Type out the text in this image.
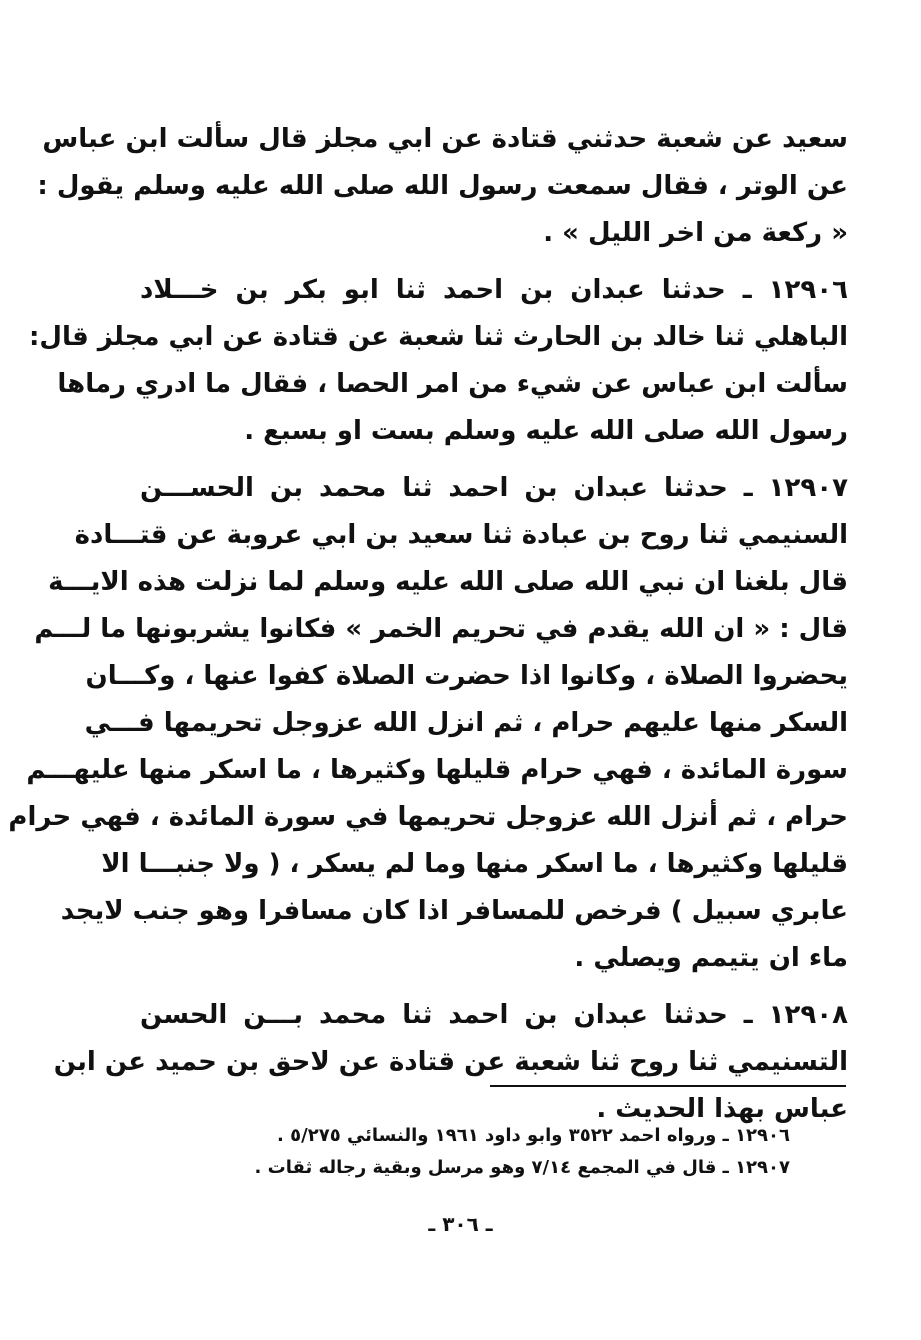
سعيد عن شعبة حدثني قتادة عن ابي مجلز قال سألت ابن عباس
عن الوتر ، فقال سمعت رسول الله صلى الله عليه وسلم يقول :
« ركعة من اخر الليل » .
١٢٩٠٦ ـ حدثنا عبدان بن احمد ثنا ابو بكر بن خـــلاد
الباهلي ثنا خالد بن الحارث ثنا شعبة عن قتادة عن ابي مجلز قال:
سألت ابن عباس عن شيء من امر الحصا ، فقال ما ادري رماها
رسول الله صلى الله عليه وسلم بست او بسبع .
١٢٩٠٧ ـ حدثنا عبدان بن احمد ثنا محمد بن الحســـن
السنيمي ثنا روح بن عبادة ثنا سعيد بن ابي عروبة عن قتـــادة
قال بلغنا ان نبي الله صلى الله عليه وسلم لما نزلت هذه الايـــة
قال : « ان الله يقدم في تحريم الخمر » فكانوا يشربونها ما لـــم
يحضروا الصلاة ، وكانوا اذا حضرت الصلاة كفوا عنها ، وكـــان
السكر منها عليهم حرام ، ثم انزل الله عزوجل تحريمها فـــي
سورة المائدة ، فهي حرام قليلها وكثيرها ، ما اسكر منها عليهـــم
حرام ، ثم أنزل الله عزوجل تحريمها في سورة المائدة ، فهي حرام
قليلها وكثيرها ، ما اسكر منها وما لم يسكر ، ( ولا جنبـــا الا
عابري سبيل ) فرخص للمسافر اذا كان مسافرا وهو جنب لايجد
ماء ان يتيمم ويصلي .
١٢٩٠٨ ـ حدثنا عبدان بن احمد ثنا محمد بـــن الحسن
التسنيمي ثنا روح ثنا شعبة عن قتادة عن لاحق بن حميد عن ابن
عباس بهذا الحديث .
١٢٩٠٦ ـ ورواه احمد ٣٥٢٢ وابو داود ١٩٦١ والنسائي ٥/٢٧٥ .
١٢٩٠٧ ـ قال في المجمع ٧/١٤ وهو مرسل وبقية رجاله ثقات .
ـ ٣٠٦ ـ
